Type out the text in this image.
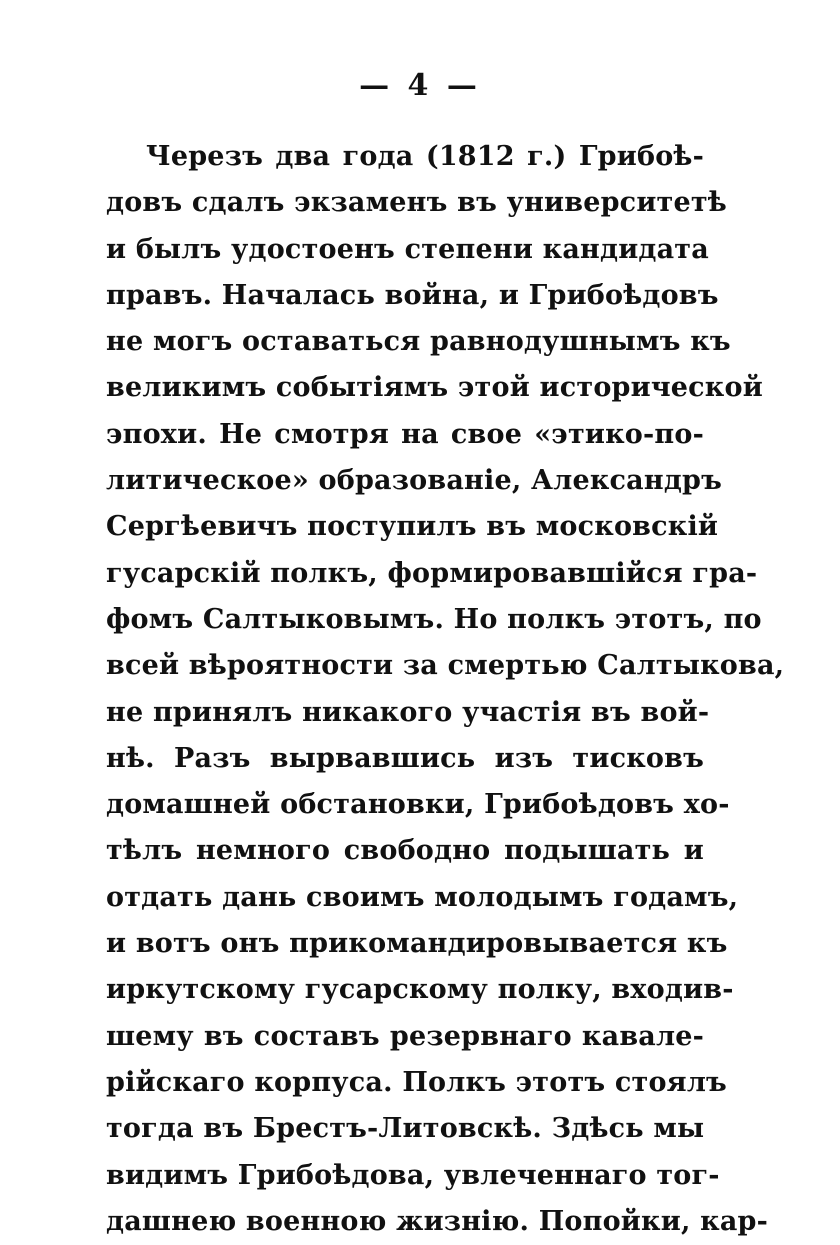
— 4 —
Черезъ два года (1812 г.) Грибоѣ-
довъ сдалъ экзаменъ въ университетѣ
и былъ удостоенъ степени кандидата
правъ. Началась война, и Грибоѣдовъ
не могъ оставаться равнодушнымъ къ
великимъ событіямъ этой исторической
эпохи. Не смотря на свое «этико-по-
литическое» образованіе, Александръ
Сергѣевичъ поступилъ въ московскій
гусарскій полкъ, формировавшійся гра-
фомъ Салтыковымъ. Но полкъ этотъ, по
всей вѣроятности за смертью Салтыкова,
не принялъ никакого участія въ вой-
нѣ. Разъ вырвавшись изъ тисковъ
домашней обстановки, Грибоѣдовъ хо-
тѣлъ немного свободно подышать и
отдать дань своимъ молодымъ годамъ,
и вотъ онъ прикомандировывается къ
иркутскому гусарскому полку, входив-
шему въ составъ резервнаго кавале-
рійскаго корпуса. Полкъ этотъ стоялъ
тогда въ Брестъ-Литовскѣ. Здѣсь мы
видимъ Грибоѣдова, увлеченнаго тог-
дашнею военною жизнію. Попойки, кар-
